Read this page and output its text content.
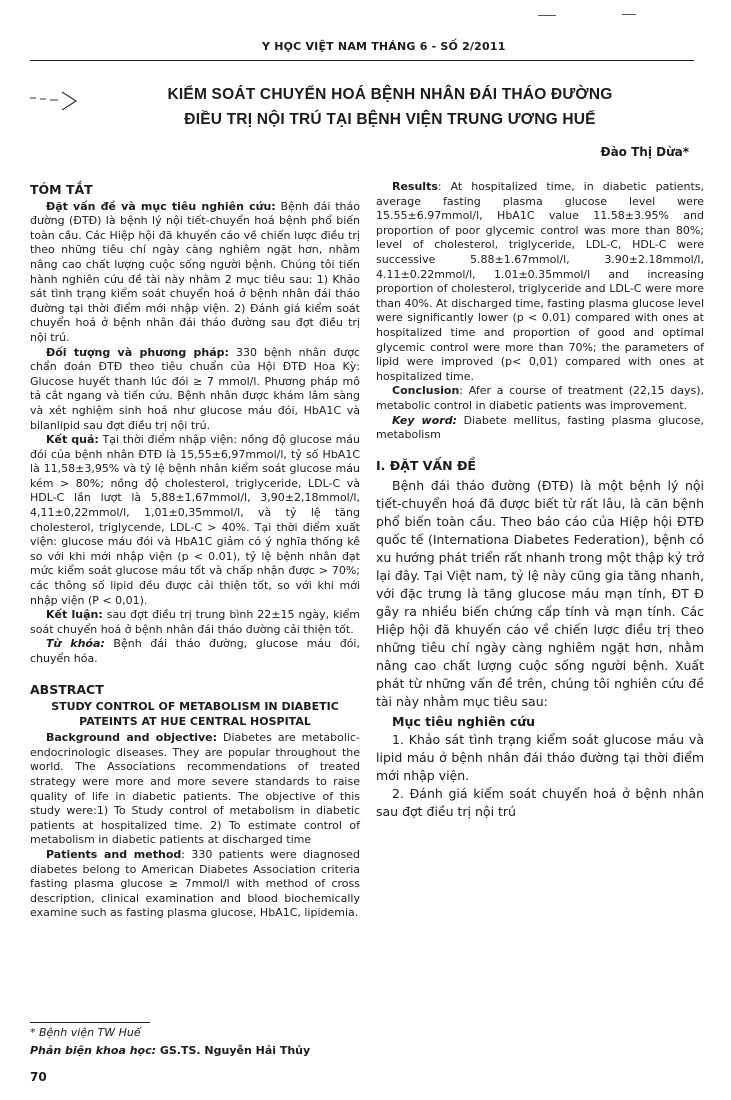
Y HỌC VIỆT NAM THÁNG 6 - SỐ 2/2011
KIỂM SOÁT CHUYỂN HOÁ BỆNH NHÂN ĐÁI THÁO ĐƯỜNG
ĐIỀU TRỊ NỘI TRÚ TẠI BỆNH VIỆN TRUNG ƯƠNG HUẾ
Đào Thị Dừa*
TÓM TẮT

Đặt vấn đề và mục tiêu nghiên cứu: Bệnh đái tháo đường (ĐTĐ) là bệnh lý nội tiết-chuyển hoá bệnh phổ biến toàn cầu. Các Hiệp hội đã khuyến cáo về chiến lược điều trị theo những tiêu chí ngày càng nghiêm ngặt hơn, nhằm nâng cao chất lượng cuộc sống người bệnh. Chúng tôi tiến hành nghiên cứu đề tài này nhằm 2 mục tiêu sau: 1) Khảo sát tình trạng kiểm soát chuyển hoá ở bệnh nhân đái tháo đường tại thời điểm mới nhập viện. 2) Đánh giá kiểm soát chuyển hoá ở bệnh nhân đái tháo đường sau đợt điều trị nội trú.

Đối tượng và phương pháp: 330 bệnh nhân được chẩn đoán ĐTĐ theo tiêu chuẩn của Hội ĐTĐ Hoa Kỳ: Glucose huyết thanh lúc đói ≥ 7 mmol/l. Phương pháp mô tả cắt ngang và tiến cứu. Bệnh nhân được khám lâm sàng và xét nghiệm sinh hoá như glucose máu đói, HbA1C và bilanlipid sau đợt điều trị nội trú.

Kết quả: Tại thời điểm nhập viện: nồng độ glucose máu đói của bệnh nhân ĐTĐ là 15,55±6,97mmol/l, tỷ số HbA1C là 11,58±3,95% và tỷ lệ bệnh nhân kiểm soát glucose máu kém > 80%; nồng độ cholesterol, triglyceride, LDL-C và HDL-C lần lượt là 5,88±1,67mmol/l, 3,90±2,18mmol/l, 4,11±0,22mmol/l, 1,01±0,35mmol/l, và tỷ lệ tăng cholesterol, triglycende, LDL-C > 40%. Tại thời điểm xuất viện: glucose máu đói và HbA1C giảm có ý nghĩa thống kê so với khi mới nhập viện (p < 0.01), tỷ lệ bệnh nhân đạt mức kiểm soát glucose máu tốt và chấp nhận được > 70%; các thông số lipid đều được cải thiện tốt, so với khi mới nhập viện (P < 0,01).

Kết luận: sau đợt điều trị trung bình 22±15 ngày, kiểm soát chuyển hoá ở bệnh nhân đái tháo đường cải thiện tốt.

Từ khóa: Bệnh đái tháo đường, glucose máu đói, chuyển hóa.

ABSTRACT
STUDY CONTROL OF METABOLISM IN DIABETIC PATEINTS AT HUE CENTRAL HOSPITAL

Background and objective: Diabetes are metabolic-endocrinologic diseases. They are popular throughout the world. The Associations recommendations of treated strategy were more and more severe standards to raise quality of life in diabetic patients. The objective of this study were:1) To Study control of metabolism in diabetic patients at hospitalized time. 2) To estimate control of metabolism in diabetic patients at discharged time

Patients and method: 330 patients were diagnosed diabetes belong to American Diabetes Association criteria fasting plasma glucose ≥ 7mmol/l with method of cross description, clinical examination and blood biochemically examine such as fasting plasma glucose, HbA1C, lipidemia.

Results: At hospitalized time, in diabetic patients, average fasting plasma glucose level were 15.55±6.97mmol/l, HbA1C value 11.58±3.95% and proportion of poor glycemic control was more than 80%; level of cholesterol, triglyceride, LDL-C, HDL-C were successive 5.88±1.67mmol/l, 3.90±2.18mmol/l, 4.11±0.22mmol/l, 1.01±0.35mmol/l and increasing proportion of cholesterol, triglyceride and LDL-C were more than 40%. At discharged time, fasting plasma glucose level were significantly lower (p < 0.01) compared with ones at hospitalized time and proportion of good and optimal glycemic control were more than 70%; the parameters of lipid were improved (p< 0,01) compared with ones at hospitalized time.

Conclusion: Afer a course of treatment (22,15 days), metabolic control in diabetic patients was improvement.

Key word: Diabete mellitus, fasting plasma glucose, metabolism

I. ĐẶT VẤN ĐỀ

Bệnh đái tháo đường (ĐTĐ) là một bệnh lý nội tiết-chuyển hoá đã được biết từ rất lâu, là căn bệnh phổ biến toàn cầu. Theo báo cáo của Hiệp hội ĐTĐ quốc tế (Internationa Diabetes Federation), bệnh có xu hướng phát triển rất nhanh trong một thập kỷ trở lại đây. Tại Việt nam, tỷ lệ này cũng gia tăng nhanh, với đặc trưng là tăng glucose máu mạn tính, ĐT Đ gây ra nhiều biến chứng cấp tính và mạn tính. Các Hiệp hội đã khuyến cáo về chiến lược điều trị theo những tiêu chí ngày càng nghiêm ngặt hơn, nhằm nâng cao chất lượng cuộc sống người bệnh. Xuất phát từ những vấn đề trên, chúng tôi nghiên cứu đề tài này nhằm mục tiêu sau:

Mục tiêu nghiên cứu

1. Khảo sát tình trạng kiểm soát glucose máu và lipid máu ở bệnh nhân đái tháo đường tại thời điểm mới nhập viện.

2. Đánh giá kiểm soát chuyển hoá ở bệnh nhân sau đợt điều trị nội trú

* Bệnh viện TW Huế
Phản biện khoa học: GS.TS. Nguyễn Hải Thủy
70
